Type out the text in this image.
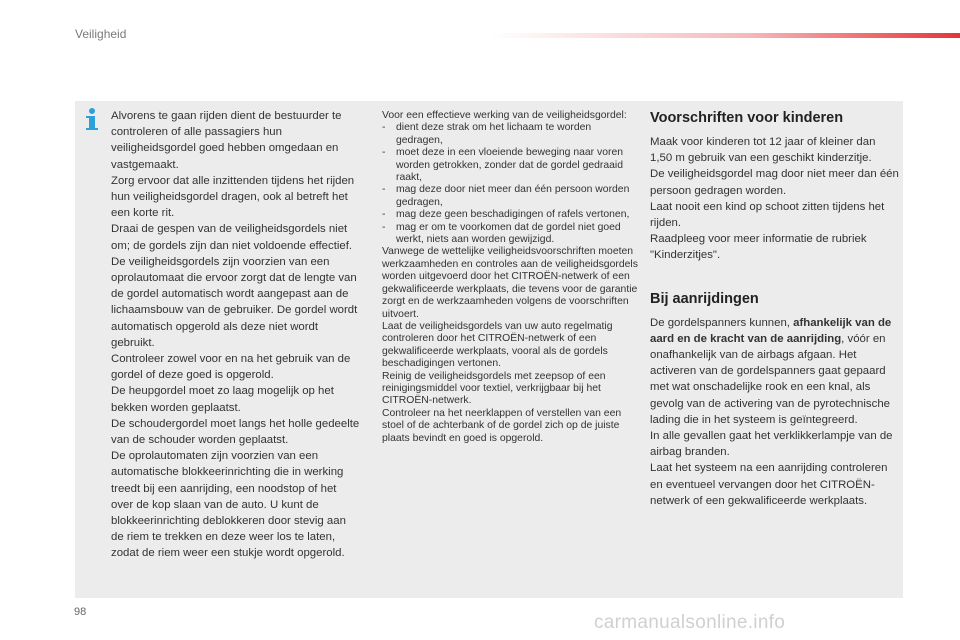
Veiligheid

Alvorens te gaan rijden dient de bestuurder te controleren of alle passagiers hun veiligheidsgordel goed hebben omgedaan en vastgemaakt.

Zorg ervoor dat alle inzittenden tijdens het rijden hun veiligheidsgordel dragen, ook al betreft het een korte rit.

Draai de gespen van de veiligheidsgordels niet om; de gordels zijn dan niet voldoende effectief.

De veiligheidsgordels zijn voorzien van een oprolautomaat die ervoor zorgt dat de lengte van de gordel automatisch wordt aangepast aan de lichaamsbouw van de gebruiker. De gordel wordt automatisch opgerold als deze niet wordt gebruikt.

Controleer zowel voor en na het gebruik van de gordel of deze goed is opgerold.

De heupgordel moet zo laag mogelijk op het bekken worden geplaatst.

De schoudergordel moet langs het holle gedeelte van de schouder worden geplaatst.

De oprolautomaten zijn voorzien van een automatische blokkeerinrichting die in werking treedt bij een aanrijding, een noodstop of het over de kop slaan van de auto. U kunt de blokkeerinrichting deblokkeren door stevig aan de riem te trekken en deze weer los te laten, zodat de riem weer een stukje wordt opgerold.

Voor een effectieve werking van de veiligheidsgordel:

- dient deze strak om het lichaam te worden gedragen,
- moet deze in een vloeiende beweging naar voren worden getrokken, zonder dat de gordel gedraaid raakt,
- mag deze door niet meer dan één persoon worden gedragen,
- mag deze geen beschadigingen of rafels vertonen,
- mag er om te voorkomen dat de gordel niet goed werkt, niets aan worden gewijzigd.

Vanwege de wettelijke veiligheidsvoorschriften moeten werkzaamheden en controles aan de veiligheidsgordels worden uitgevoerd door het CITROËN-netwerk of een gekwalificeerde werkplaats, die tevens voor de garantie zorgt en de werkzaamheden volgens de voorschriften uitvoert.

Laat de veiligheidsgordels van uw auto regelmatig controleren door het CITROËN-netwerk of een gekwalificeerde werkplaats, vooral als de gordels beschadigingen vertonen.

Reinig de veiligheidsgordels met zeepsop of een reinigingsmiddel voor textiel, verkrijgbaar bij het CITROËN-netwerk.

Controleer na het neerklappen of verstellen van een stoel of de achterbank of de gordel zich op de juiste plaats bevindt en goed is opgerold.

Voorschriften voor kinderen

Maak voor kinderen tot 12 jaar of kleiner dan 1,50 m gebruik van een geschikt kinderzitje.

De veiligheidsgordel mag door niet meer dan één persoon gedragen worden.

Laat nooit een kind op schoot zitten tijdens het rijden.

Raadpleeg voor meer informatie de rubriek "Kinderzitjes".

Bij aanrijdingen

De gordelspanners kunnen, afhankelijk van de aard en de kracht van de aanrijding, vóór en onafhankelijk van de airbags afgaan. Het activeren van de gordelspanners gaat gepaard met wat onschadelijke rook en een knal, als gevolg van de activering van de pyrotechnische lading die in het systeem is geïntegreerd.

In alle gevallen gaat het verklikkerlampje van de airbag branden.

Laat het systeem na een aanrijding controleren en eventueel vervangen door het CITROËN-netwerk of een gekwalificeerde werkplaats.

98	carmanualsonline.info
